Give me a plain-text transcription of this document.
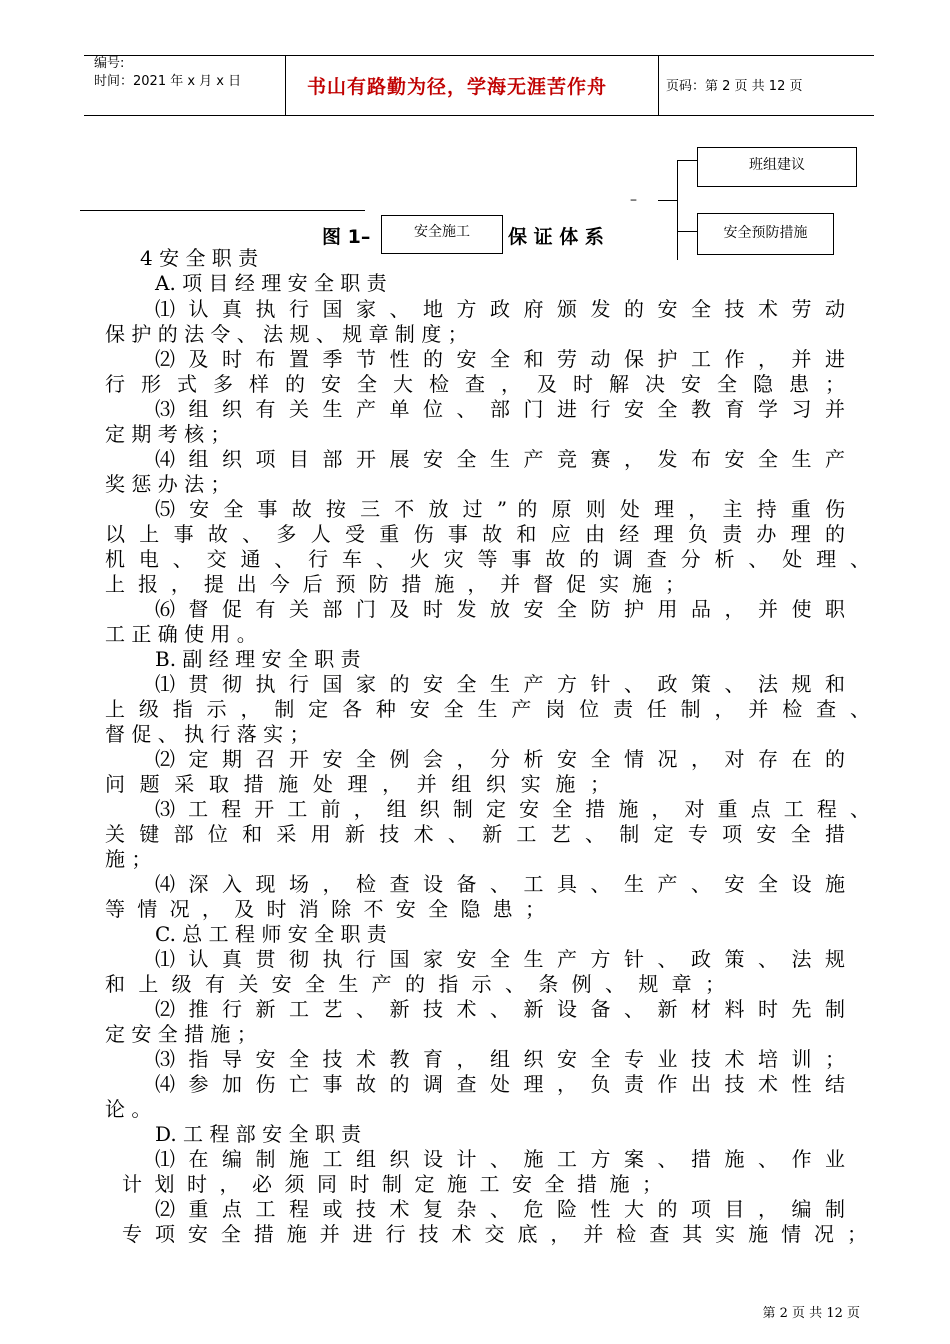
编号:
时间：2021 年 x 月 x 日	书山有路勤为径，学海无涯苦作舟	页码：第 2 页 共 12 页
–
班组建议
安全预防措施
图 1–	安全施工	保 证 体 系
4 安 全 职 责
A. 项 目 经 理 安 全 职 责
⑴ 认 真 执 行 国 家 、 地 方 政 府 颁 发 的 安 全 技 术 劳 动
保 护 的 法 令 、 法 规 、 规 章 制 度 ；
⑵ 及 时 布 置 季 节 性 的 安 全 和 劳 动 保 护 工 作 ， 并 进
行 形 式 多 样 的 安 全 大 检 查 ， 及 时 解 决 安 全 隐 患 ；
⑶ 组 织 有 关 生 产 单 位 、 部 门 进 行 安 全 教 育 学 习 并
定 期 考 核 ；
⑷ 组 织 项 目 部 开 展 安 全 生 产 竞 赛 ， 发 布 安 全 生 产
奖 惩 办 法 ；
⑸ 安 全 事 故 按 三 不 放 过 ” 的 原 则 处 理 ， 主 持 重 伤
以 上 事 故 、 多 人 受 重 伤 事 故 和 应 由 经 理 负 责 办 理 的
机 电 、 交 通 、 行 车 、 火 灾 等 事 故 的 调 查 分 析 、 处 理 、
上 报 ， 提 出 今 后 预 防 措 施 ， 并 督 促 实 施 ；
⑹ 督 促 有 关 部 门 及 时 发 放 安 全 防 护 用 品 ， 并 使 职
工 正 确 使 用 。
B. 副 经 理 安 全 职 责
⑴ 贯 彻 执 行 国 家 的 安 全 生 产 方 针 、 政 策 、 法 规 和
上 级 指 示 ， 制 定 各 种 安 全 生 产 岗 位 责 任 制 ， 并 检 查 、
督 促 、 执 行 落 实 ；
⑵ 定 期 召 开 安 全 例 会 ， 分 析 安 全 情 况 ， 对 存 在 的
问 题 采 取 措 施 处 理 ， 并 组 织 实 施 ；
⑶ 工 程 开 工 前 ， 组 织 制 定 安 全 措 施 ， 对 重 点 工 程 、
关 键 部 位 和 采 用 新 技 术 、 新 工 艺 、 制 定 专 项 安 全 措
施 ；
⑷ 深 入 现 场 ， 检 查 设 备 、 工 具 、 生 产 、 安 全 设 施
等 情 况 ， 及 时 消 除 不 安 全 隐 患 ；
C. 总 工 程 师 安 全 职 责
⑴ 认 真 贯 彻 执 行 国 家 安 全 生 产 方 针 、 政 策 、 法 规
和 上 级 有 关 安 全 生 产 的 指 示 、 条 例 、 规 章 ；
⑵ 推 行 新 工 艺 、 新 技 术 、 新 设 备 、 新 材 料 时 先 制
定 安 全 措 施 ；
⑶ 指 导 安 全 技 术 教 育 ， 组 织 安 全 专 业 技 术 培 训 ；
⑷ 参 加 伤 亡 事 故 的 调 查 处 理 ， 负 责 作 出 技 术 性 结
论 。
D. 工 程 部 安 全 职 责
⑴ 在 编 制 施 工 组 织 设 计 、 施 工 方 案 、 措 施 、 作 业
计 划 时 ， 必 须 同 时 制 定 施 工 安 全 措 施 ；
⑵ 重 点 工 程 或 技 术 复 杂 、 危 险 性 大 的 项 目 ， 编 制
专 项 安 全 措 施 并 进 行 技 术 交 底 ， 并 检 查 其 实 施 情 况 ；
第 2 页 共 12 页
